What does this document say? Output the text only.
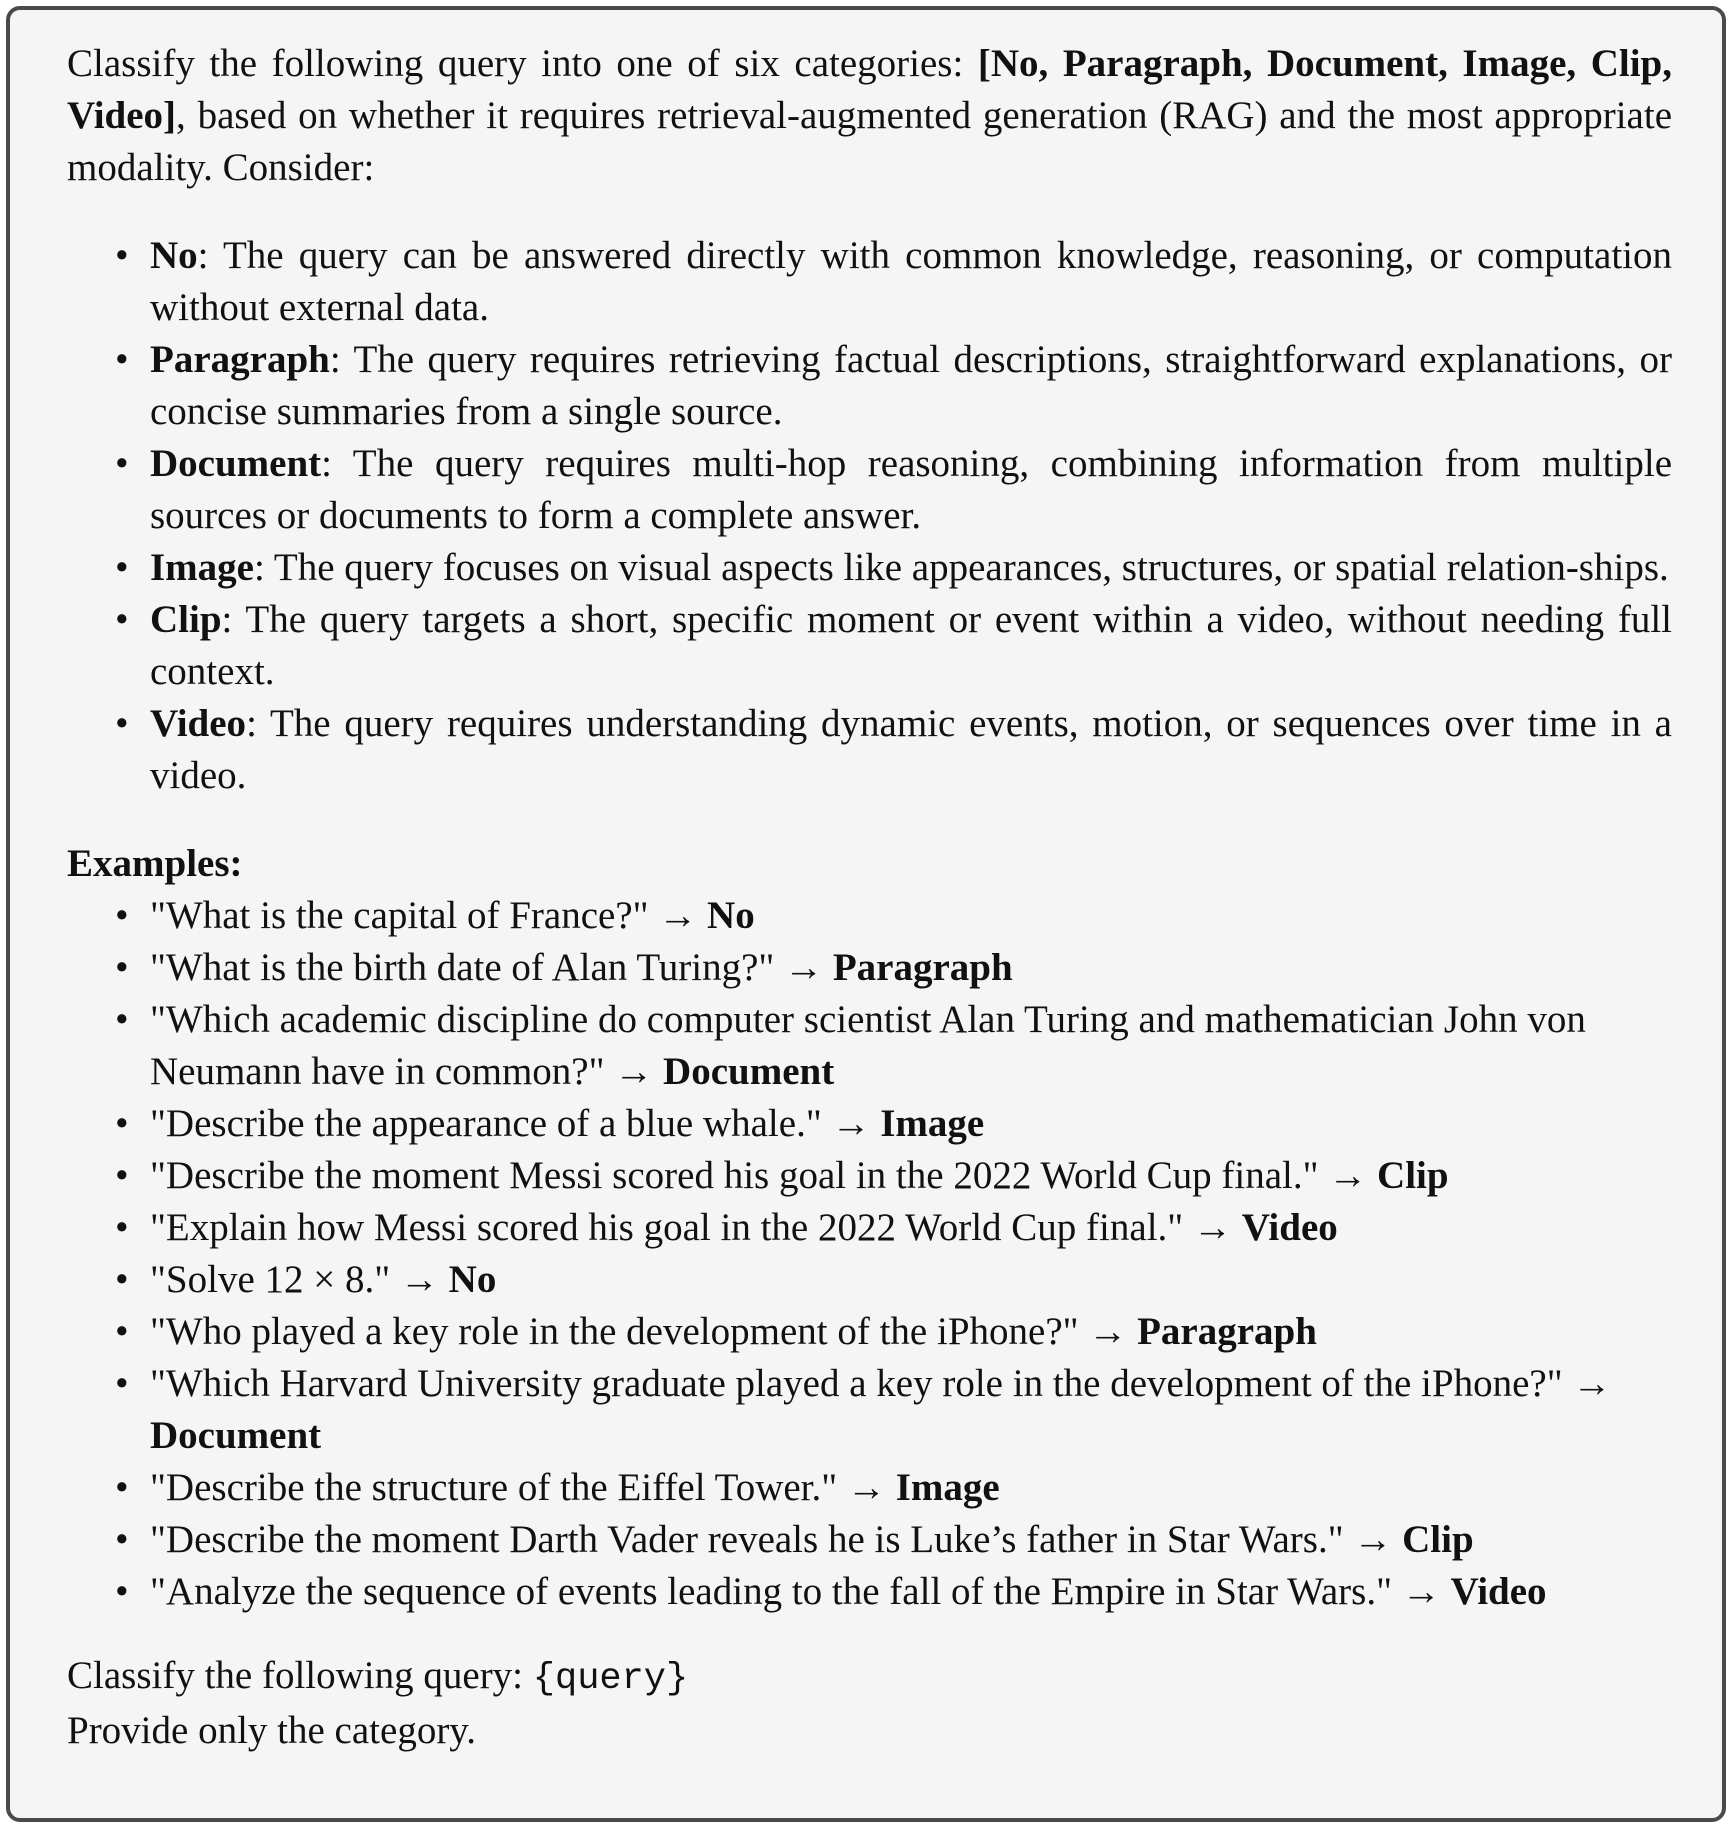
Classify the following query into one of six categories: [No, Paragraph, Document, Image, Clip, Video], based on whether it requires retrieval-augmented generation (RAG) and the most appropriate modality. Consider:

• No: The query can be answered directly with common knowledge, reasoning, or computation without external data.
• Paragraph: The query requires retrieving factual descriptions, straightforward explanations, or concise summaries from a single source.
• Document: The query requires multi-hop reasoning, combining information from multiple sources or documents to form a complete answer.
• Image: The query focuses on visual aspects like appearances, structures, or spatial relation-ships.
• Clip: The query targets a short, specific moment or event within a video, without needing full context.
• Video: The query requires understanding dynamic events, motion, or sequences over time in a video.

Examples:

• "What is the capital of France?" → No
• "What is the birth date of Alan Turing?" → Paragraph
• "Which academic discipline do computer scientist Alan Turing and mathematician John von Neumann have in common?" → Document
• "Describe the appearance of a blue whale." → Image
• "Describe the moment Messi scored his goal in the 2022 World Cup final." → Clip
• "Explain how Messi scored his goal in the 2022 World Cup final." → Video
• "Solve 12 × 8." → No
• "Who played a key role in the development of the iPhone?" → Paragraph
• "Which Harvard University graduate played a key role in the development of the iPhone?" → Document
• "Describe the structure of the Eiffel Tower." → Image
• "Describe the moment Darth Vader reveals he is Luke’s father in Star Wars." → Clip
• "Analyze the sequence of events leading to the fall of the Empire in Star Wars." → Video

Classify the following query: {query}

Provide only the category.
